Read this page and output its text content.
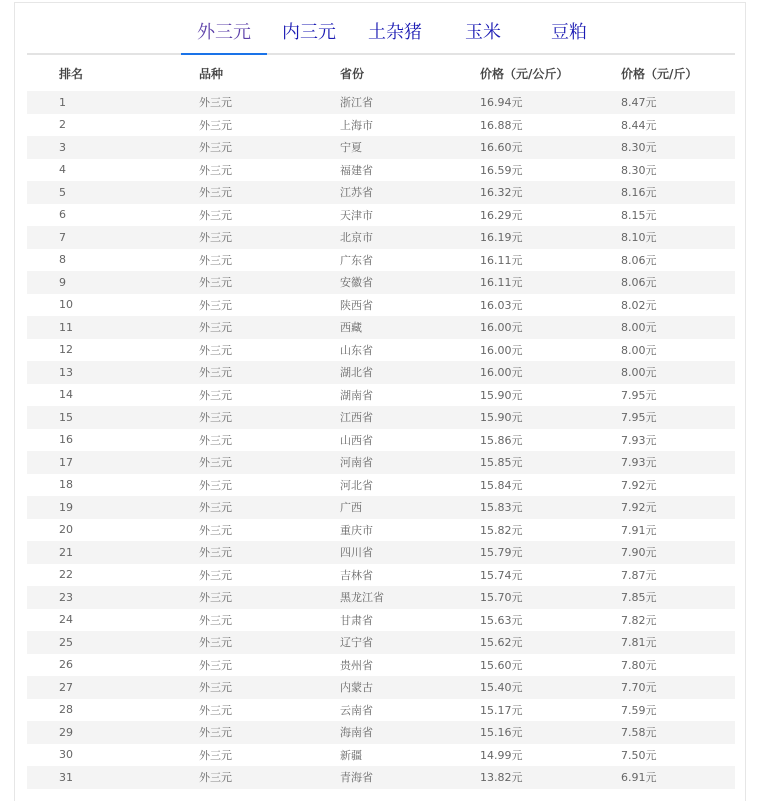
外三元	内三元 土杂猪	玉米	豆粕
排名	品种	省份	价格（元/公斤）	价格（元/斤）
1	外三元	浙江省	16.94元	8.47元
2	外三元	上海市	16.88元	8.44元
3	外三元	宁夏	16.60元	8.30元
4	外三元	福建省	16.59元	8.30元
5	外三元	江苏省	16.32元	8.16元
6	外三元	天津市	16.29元	8.15元
7	外三元	北京市	16.19元	8.10元
8	外三元	广东省	16.11元	8.06元
9	外三元	安徽省	16.11元	8.06元
10	外三元	陕西省	16.03元	8.02元
11	外三元	西藏	16.00元	8.00元
12	外三元	山东省	16.00元	8.00元
13	外三元	湖北省	16.00元	8.00元
14	外三元	湖南省	15.90元	7.95元
15	外三元	江西省	15.90元	7.95元
16	外三元	山西省	15.86元	7.93元
17	外三元	河南省	15.85元	7.93元
18	外三元	河北省	15.84元	7.92元
19	外三元	广西	15.83元	7.92元
20	外三元	重庆市	15.82元	7.91元
21	外三元	四川省	15.79元	7.90元
22	外三元	吉林省	15.74元	7.87元
23	外三元	黑龙江省	15.70元	7.85元
24	外三元	甘肃省	15.63元	7.82元
25	外三元	辽宁省	15.62元	7.81元
26	外三元	贵州省	15.60元	7.80元
27	外三元	内蒙古	15.40元	7.70元
28	外三元	云南省	15.17元	7.59元
29	外三元	海南省	15.16元	7.58元
30	外三元	新疆	14.99元	7.50元
31	外三元	青海省	13.82元	6.91元
